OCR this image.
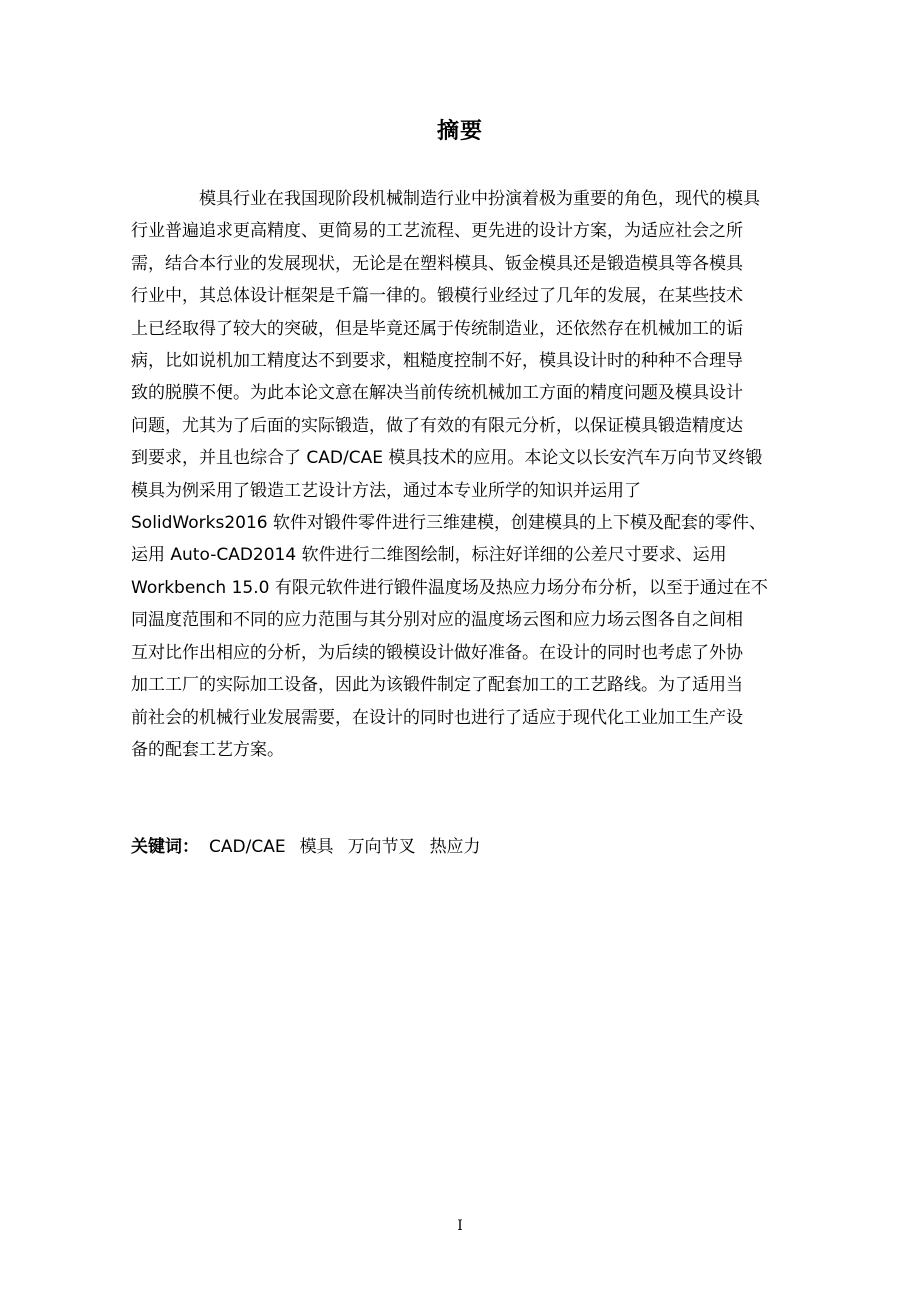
摘要
模具行业在我国现阶段机械制造行业中扮演着极为重要的角色，现代的模具
行业普遍追求更高精度、更简易的工艺流程、更先进的设计方案，为适应社会之所
需，结合本行业的发展现状，无论是在塑料模具、钣金模具还是锻造模具等各模具
行业中，其总体设计框架是千篇一律的。锻模行业经过了几年的发展，在某些技术
上已经取得了较大的突破，但是毕竟还属于传统制造业，还依然存在机械加工的诟
病，比如说机加工精度达不到要求，粗糙度控制不好，模具设计时的种种不合理导
致的脱膜不便。为此本论文意在解决当前传统机械加工方面的精度问题及模具设计
问题，尤其为了后面的实际锻造，做了有效的有限元分析，以保证模具锻造精度达
到要求，并且也综合了 CAD/CAE 模具技术的应用。本论文以长安汽车万向节叉终锻
模具为例采用了锻造工艺设计方法，通过本专业所学的知识并运用了
SolidWorks2016 软件对锻件零件进行三维建模，创建模具的上下模及配套的零件、
运用 Auto-CAD2014 软件进行二维图绘制，标注好详细的公差尺寸要求、运用
Workbench 15.0 有限元软件进行锻件温度场及热应力场分布分析，以至于通过在不
同温度范围和不同的应力范围与其分别对应的温度场云图和应力场云图各自之间相
互对比作出相应的分析，为后续的锻模设计做好准备。在设计的同时也考虑了外协
加工工厂的实际加工设备，因此为该锻件制定了配套加工的工艺路线。为了适用当
前社会的机械行业发展需要，在设计的同时也进行了适应于现代化工业加工生产设
备的配套工艺方案。
关键词： CAD/CAE 模具 万向节叉 热应力
I
